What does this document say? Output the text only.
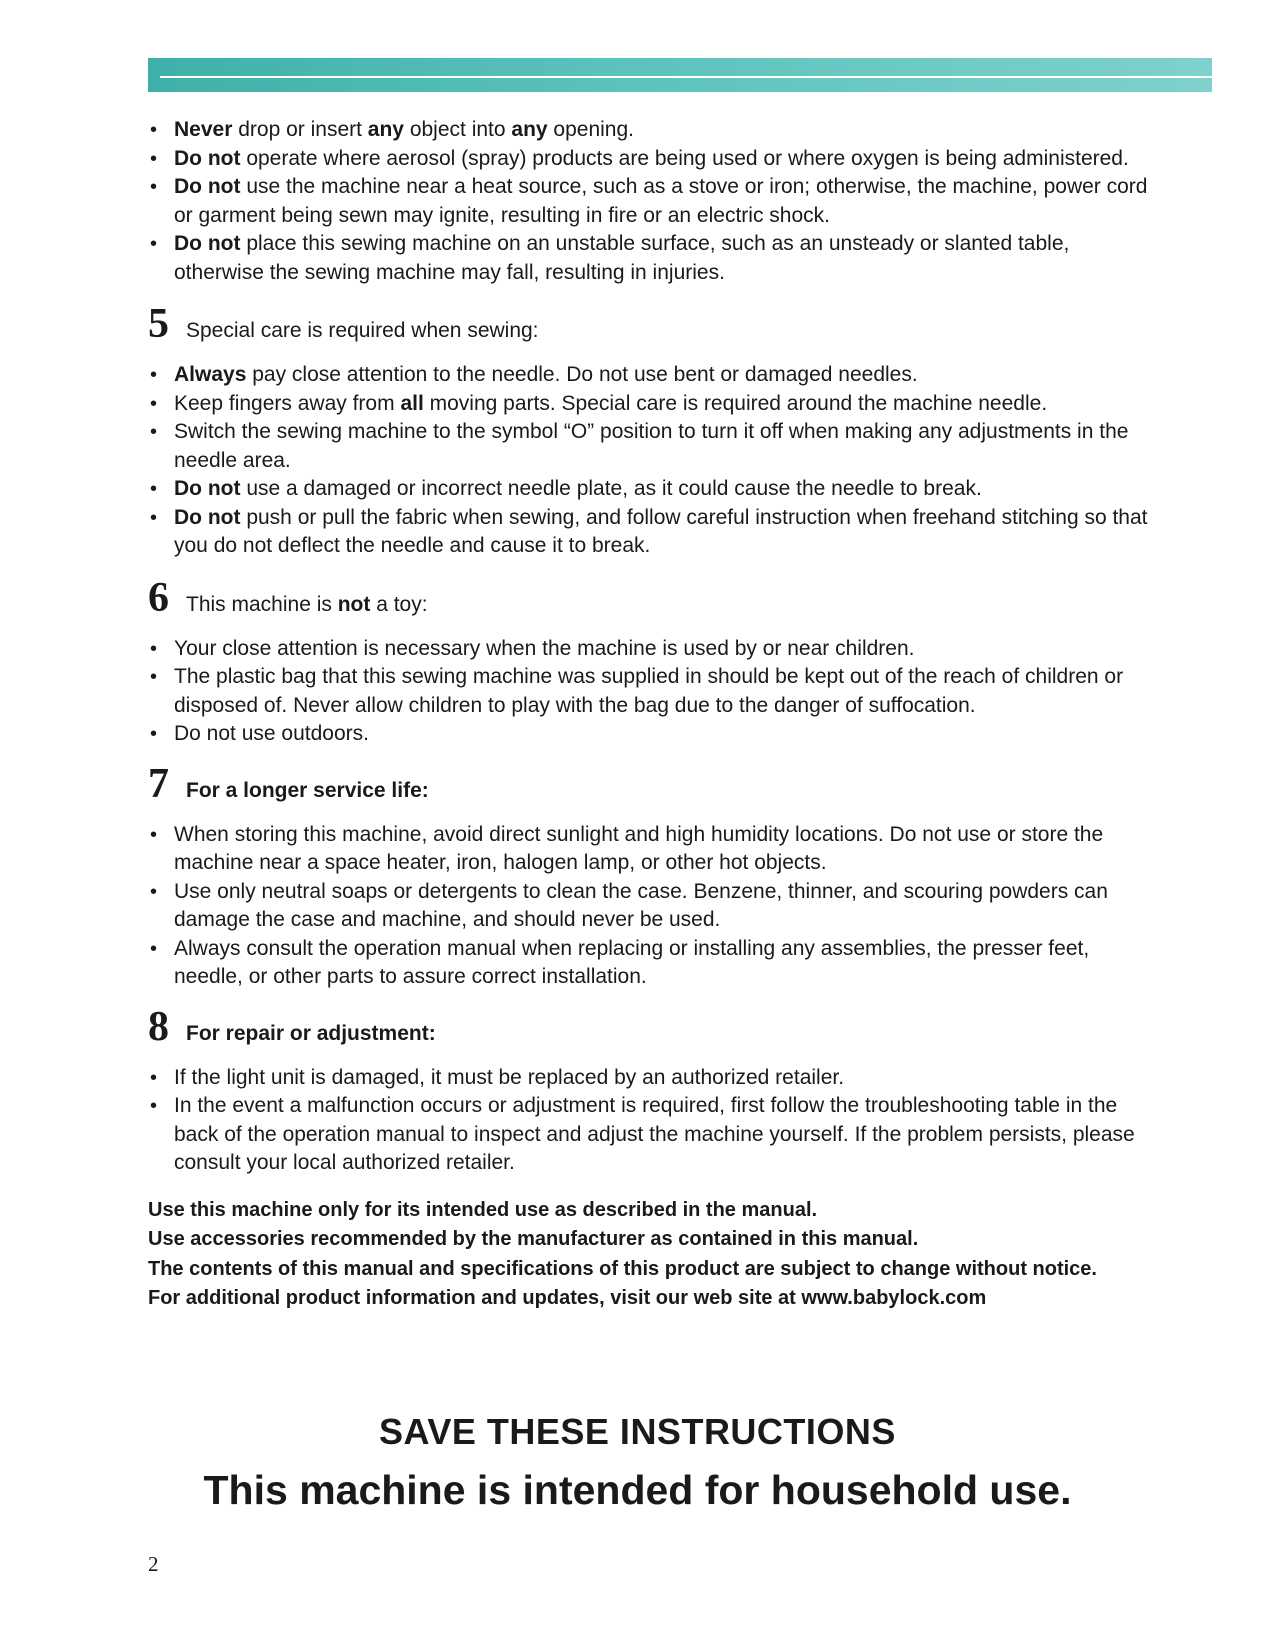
• Never drop or insert any object into any opening.
• Do not operate where aerosol (spray) products are being used or where oxygen is being administered.
• Do not use the machine near a heat source, such as a stove or iron; otherwise, the machine, power cord or garment being sewn may ignite, resulting in fire or an electric shock.
• Do not place this sewing machine on an unstable surface, such as an unsteady or slanted table, otherwise the sewing machine may fall, resulting in injuries.
5 Special care is required when sewing:
• Always pay close attention to the needle. Do not use bent or damaged needles.
• Keep fingers away from all moving parts. Special care is required around the machine needle.
• Switch the sewing machine to the symbol “O” position to turn it off when making any adjustments in the needle area.
• Do not use a damaged or incorrect needle plate, as it could cause the needle to break.
• Do not push or pull the fabric when sewing, and follow careful instruction when freehand stitching so that you do not deflect the needle and cause it to break.
6 This machine is not a toy:
• Your close attention is necessary when the machine is used by or near children.
• The plastic bag that this sewing machine was supplied in should be kept out of the reach of children or disposed of. Never allow children to play with the bag due to the danger of suffocation.
• Do not use outdoors.
7 For a longer service life:
• When storing this machine, avoid direct sunlight and high humidity locations. Do not use or store the machine near a space heater, iron, halogen lamp, or other hot objects.
• Use only neutral soaps or detergents to clean the case. Benzene, thinner, and scouring powders can damage the case and machine, and should never be used.
• Always consult the operation manual when replacing or installing any assemblies, the presser feet, needle, or other parts to assure correct installation.
8 For repair or adjustment:
• If the light unit is damaged, it must be replaced by an authorized retailer.
• In the event a malfunction occurs or adjustment is required, first follow the troubleshooting table in the back of the operation manual to inspect and adjust the machine yourself. If the problem persists, please consult your local authorized retailer.
Use this machine only for its intended use as described in the manual.
Use accessories recommended by the manufacturer as contained in this manual.
The contents of this manual and specifications of this product are subject to change without notice.
For additional product information and updates, visit our web site at www.babylock.com
SAVE THESE INSTRUCTIONS
This machine is intended for household use.
2
